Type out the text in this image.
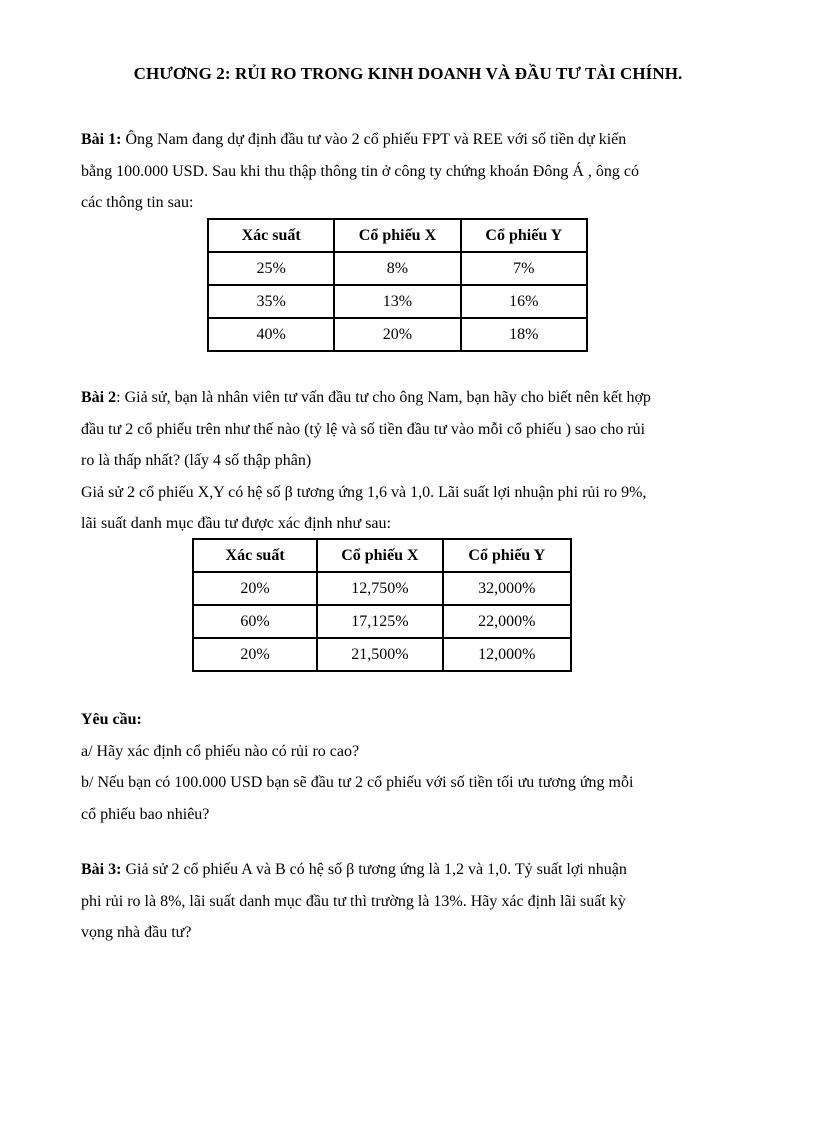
CHƯƠNG 2: RỦI RO TRONG KINH DOANH VÀ ĐẦU TƯ TÀI CHÍNH.
Bài 1: Ông Nam đang dự định đầu tư vào 2 cổ phiếu FPT và REE với số tiền dự kiến
bằng 100.000 USD. Sau khi thu thập thông tin ở công ty chứng khoán Đông Á , ông có
các thông tin sau:
Xác suất	Cổ phiếu X	Cổ phiếu Y
25%	8%	7%
35%	13%	16%
40%	20%	18%
Bài 2: Giả sử, bạn là nhân viên tư vấn đầu tư cho ông Nam, bạn hãy cho biết nên kết hợp
đầu tư 2 cổ phiếu trên như thế nào (tỷ lệ và số tiền đầu tư vào mỗi cổ phiếu ) sao cho rủi
ro là thấp nhất? (lấy 4 số thập phân)
Giả sử 2 cổ phiếu X,Y có hệ số β tương ứng 1,6 và 1,0. Lãi suất lợi nhuận phi rủi ro 9%,
lãi suất danh mục đầu tư được xác định như sau:
Xác suất	Cổ phiếu X	Cổ phiếu Y
20%	12,750%	32,000%
60%	17,125%	22,000%
20%	21,500%	12,000%
Yêu cầu:
a/ Hãy xác định cổ phiếu nào có rủi ro cao?
b/ Nếu bạn có 100.000 USD bạn sẽ đầu tư 2 cổ phiếu với số tiền tối ưu tương ứng mỗi
cổ phiếu bao nhiêu?
Bài 3: Giả sử 2 cổ phiếu A và B có hệ số β tương ứng là 1,2 và 1,0. Tỷ suất lợi nhuận
phi rủi ro là 8%, lãi suất danh mục đầu tư thì trường là 13%. Hãy xác định lãi suất kỳ
vọng nhà đầu tư?
